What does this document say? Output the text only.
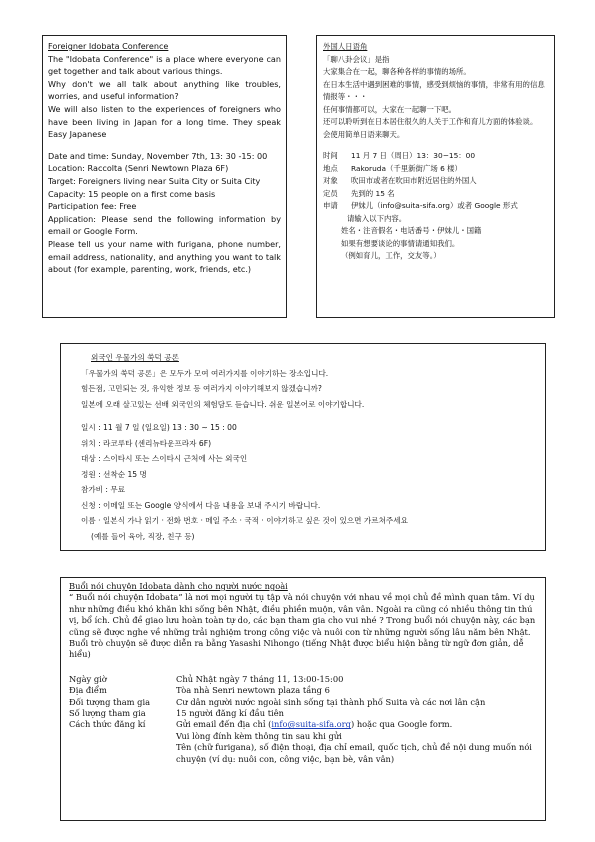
Foreigner Idobata Conference

The "Idobata Conference" is a place where everyone can get together and talk about various things.

Why don't we all talk about anything like troubles, worries, and useful information?

We will also listen to the experiences of foreigners who have been living in Japan for a long time. They speak Easy Japanese

Date and time: Sunday, November 7th, 13: 30 -15: 00

Location: Raccolta (Senri Newtown Plaza 6F)

Target: Foreigners living near Suita City or Suita City

Capacity: 15 people on a first come basis

Participation fee: Free

Application: Please send the following information by email or Google Form.

Please tell us your name with furigana, phone number, email address, nationality, and anything you want to talk about (for example, parenting, work, friends, etc.)

外国人日语角

「聊八卦会议」是指

大家集合在一起，聊各种各样的事情的场所。

在日本生活中遇到困难的事情，感受到烦恼的事情，非常有用的信息情报等・・・

任何事情都可以，大家在一起聊一下吧。

还可以聆听到在日本居住很久的人关于工作和育儿方面的体验谈。

会使用简单日语来聊天。

时间	11 月 7 日（周日）13：30−15：00
地点	Rakoruda（千里新街广场 6 楼）
对象	吹田市或者在吹田市附近居住的外国人
定员	先到的 15 名
申请	伊妹儿（info@suita-sifa.org）或者 Google 形式

请输入以下内容。

姓名・注音假名・电话番号・伊妹儿・国籍

如果有想要谈论的事情请通知我们。

（例如育儿，工作，交友等。）

외국인 우물가의 쑥덕 공론

「우물가의 쑥덕 공론」은 모두가 모여 여러가지를 이야기하는 장소입니다.

힘든점, 고민되는 것, 유익한 정보 등 여러가지 이야기해보지 않겠습니까?

일본에 오래 살고있는 선배 외국인의 체험담도 듣습니다. 쉬운 일본어로 이야기합니다.

일시 : 11 월 7 일 (일요일) 13 : 30 ~ 15 : 00

위치 : 라코루타 (센리뉴타운프라자 6F)

대상 : 스이타시 또는 스이타시 근처에 사는 외국인

정원 : 선착순 15 명

참가비 : 무료

신청 : 이메일 또는 Google 양식에서 다음 내용을 보내 주시기 바랍니다.

이름 · 일본식 가나 읽기 · 전화 번호 · 메일 주소 · 국적 · 이야기하고 싶은 것이 있으면 가르쳐주세요

(예를 들어 육아, 직장, 친구 등)

Buổi nói chuyện Idobata dành cho người nước ngoài

“ Buổi nói chuyện Idobata” là nơi mọi người tụ tập và nói chuyện với nhau về mọi chủ đề mình quan tâm. Ví dụ như những điều khó khăn khi sống bên Nhật, điều phiền muộn, vân vân. Ngoài ra cũng có nhiều thông tin thú vị, bổ ích. Chủ đề giao lưu hoàn toàn tự do, các bạn tham gia cho vui nhé ? Trong buổi nói chuyện này, các bạn cũng sẽ được nghe về những trải nghiệm trong công việc và nuôi con từ những người sống lâu năm bên Nhật. Buổi trò chuyện sẽ được diễn ra bằng Yasashi Nihongo (tiếng Nhật được biểu hiện bằng từ ngữ đơn giản, dễ hiểu)

Ngày giờ	Chủ Nhật ngày 7 tháng 11, 13:00-15:00
Địa điểm	Tòa nhà Senri newtown plaza tầng 6
Đối tượng tham gia	Cư dân người nước ngoài sinh sống tại thành phố Suita và các nơi lân cận
Số lượng tham gia	15 người đăng kí đầu tiên
Cách thức đăng kí	Gửi email đến địa chỉ (info@suita-sifa.org) hoặc qua Google form.

Vui lòng đính kèm thông tin sau khi gửi

Tên (chữ furigana), số điện thoại, địa chỉ email, quốc tịch, chủ đề nội dung muốn nói chuyện (ví dụ: nuôi con, công việc, bạn bè, vân vân)
